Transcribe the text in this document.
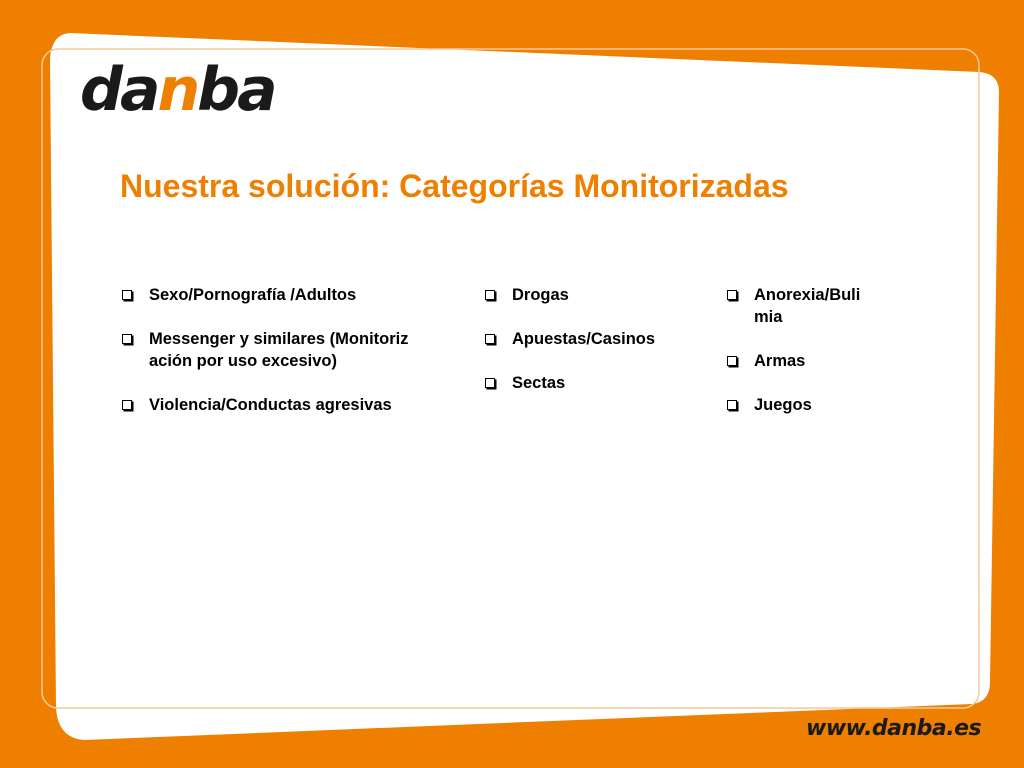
danba
Nuestra solución: Categorías Monitorizadas
Sexo/Pornografía /Adultos
Messenger y similares (Monitorización por uso excesivo)
Violencia/Conductas agresivas
Drogas
Apuestas/Casinos
Sectas
Anorexia/Bulimia
Armas
Juegos
www.danba.es
